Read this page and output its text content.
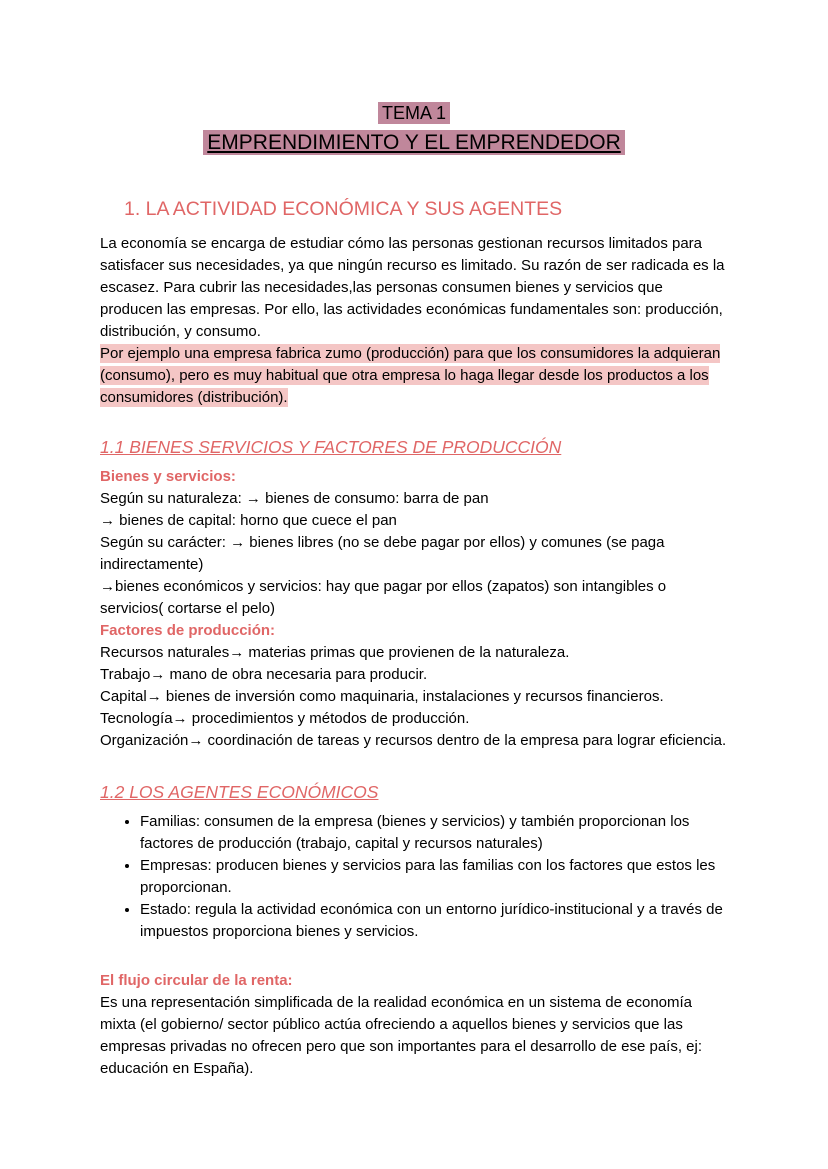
TEMA 1
EMPRENDIMIENTO Y EL EMPRENDEDOR
1. LA ACTIVIDAD ECONÓMICA Y SUS AGENTES

La economía se encarga de estudiar cómo las personas gestionan recursos limitados para satisfacer sus necesidades, ya que ningún recurso es limitado. Su razón de ser radicada es la escasez. Para cubrir las necesidades,las personas consumen bienes y servicios que producen las empresas. Por ello, las actividades económicas fundamentales son: producción, distribución, y consumo.

Por ejemplo una empresa fabrica zumo (producción) para que los consumidores la adquieran (consumo), pero es muy habitual que otra empresa lo haga llegar desde los productos a los consumidores (distribución).

1.1 BIENES SERVICIOS Y FACTORES DE PRODUCCIÓN

Bienes y servicios:

Según su naturaleza: → bienes de consumo: barra de pan

→ bienes de capital: horno que cuece el pan

Según su carácter: → bienes libres (no se debe pagar por ellos) y comunes (se paga indirectamente)

→bienes económicos y servicios: hay que pagar por ellos (zapatos) son intangibles o servicios( cortarse el pelo)

Factores de producción:

Recursos naturales→ materias primas que provienen de la naturaleza.

Trabajo→ mano de obra necesaria para producir.

Capital→ bienes de inversión como maquinaria, instalaciones y recursos financieros.

Tecnología→ procedimientos y métodos de producción.

Organización→ coordinación de tareas y recursos dentro de la empresa para lograr eficiencia.

1.2 LOS AGENTES ECONÓMICOS
• Familias: consumen de la empresa (bienes y servicios) y también proporcionan los factores de producción (trabajo, capital y recursos naturales)
• Empresas: producen bienes y servicios para las familias con los factores que estos les proporcionan.
• Estado: regula la actividad económica con un entorno jurídico-institucional y a través de impuestos proporciona bienes y servicios.

El flujo circular de la renta:

Es una representación simplificada de la realidad económica en un sistema de economía mixta (el gobierno/ sector público actúa ofreciendo a aquellos bienes y servicios que las empresas privadas no ofrecen pero que son importantes para el desarrollo de ese país, ej: educación en España).
